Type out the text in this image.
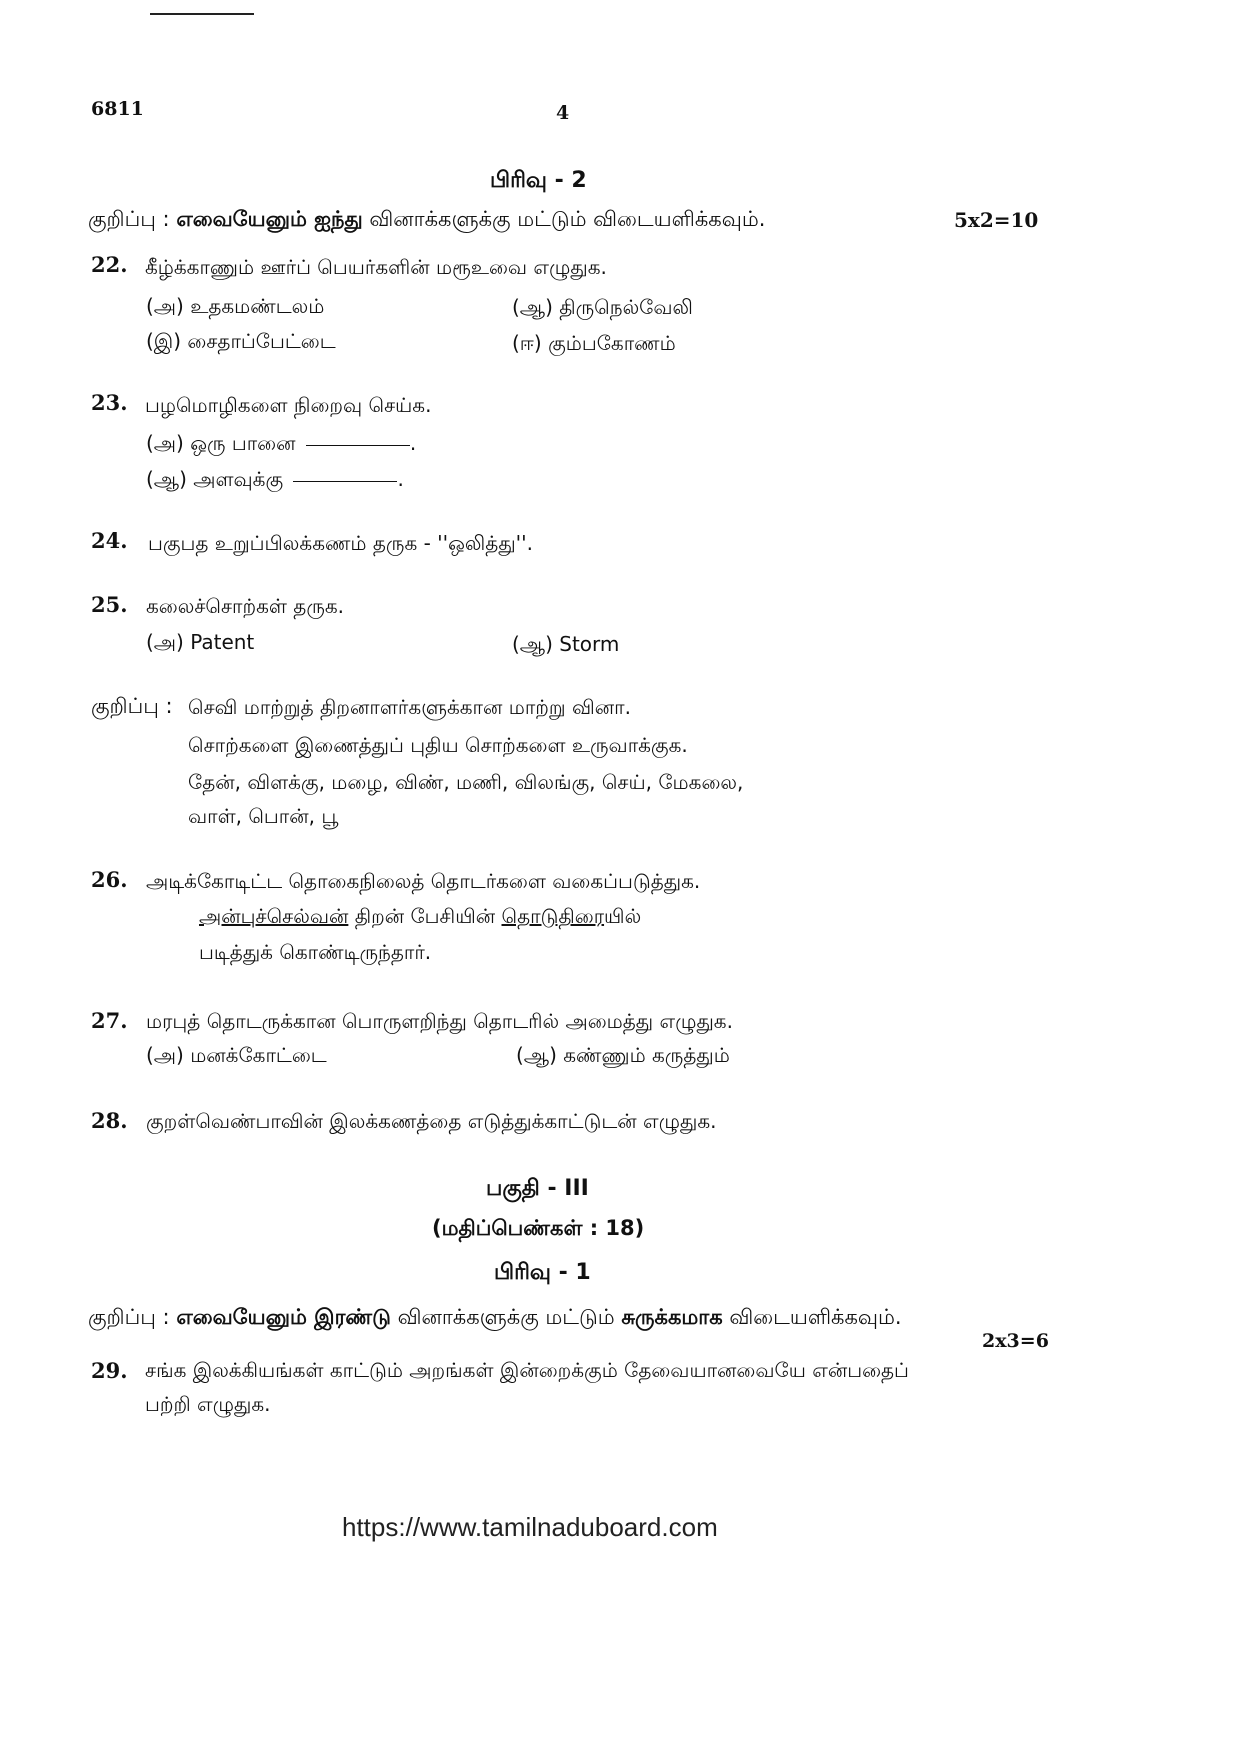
6811	4
பிரிவு - 2
குறிப்பு : எவையேனும் ஐந்து வினாக்களுக்கு மட்டும் விடையளிக்கவும்.	5x2=10
22. கீழ்க்காணும் ஊர்ப் பெயர்களின் மரூஉவை எழுதுக.
(அ) உதகமண்டலம்	(ஆ) திருநெல்வேலி
(இ) சைதாப்பேட்டை	(ஈ) கும்பகோணம்
23. பழமொழிகளை நிறைவு செய்க.
(அ) ஒரு பானை	.
(ஆ) அளவுக்கு	.
24. பகுபத உறுப்பிலக்கணம் தருக - ''ஒலித்து''.
25. கலைச்சொற்கள் தருக.
(அ) Patent	(ஆ) Storm
குறிப்பு : செவி மாற்றுத் திறனாளர்களுக்கான மாற்று வினா.
சொற்களை இணைத்துப் புதிய சொற்களை உருவாக்குக.
தேன், விளக்கு, மழை, விண், மணி, விலங்கு, செய், மேகலை,
வாள், பொன், பூ
26. அடிக்கோடிட்ட தொகைநிலைத் தொடர்களை வகைப்படுத்துக.
அன்புச்செல்வன் திறன் பேசியின் தொடுதிரையில்
படித்துக் கொண்டிருந்தார்.
27. மரபுத் தொடருக்கான பொருளறிந்து தொடரில் அமைத்து எழுதுக.
(அ) மனக்கோட்டை	(ஆ) கண்ணும் கருத்தும்
28. குறள்வெண்பாவின் இலக்கணத்தை எடுத்துக்காட்டுடன் எழுதுக.
பகுதி - III
(மதிப்பெண்கள் : 18)
பிரிவு - 1
குறிப்பு : எவையேனும் இரண்டு வினாக்களுக்கு மட்டும் சுருக்கமாக விடையளிக்கவும்.
2x3=6
29. சங்க இலக்கியங்கள் காட்டும் அறங்கள் இன்றைக்கும் தேவையானவையே என்பதைப்
பற்றி எழுதுக.
https://www.tamilnaduboard.com
